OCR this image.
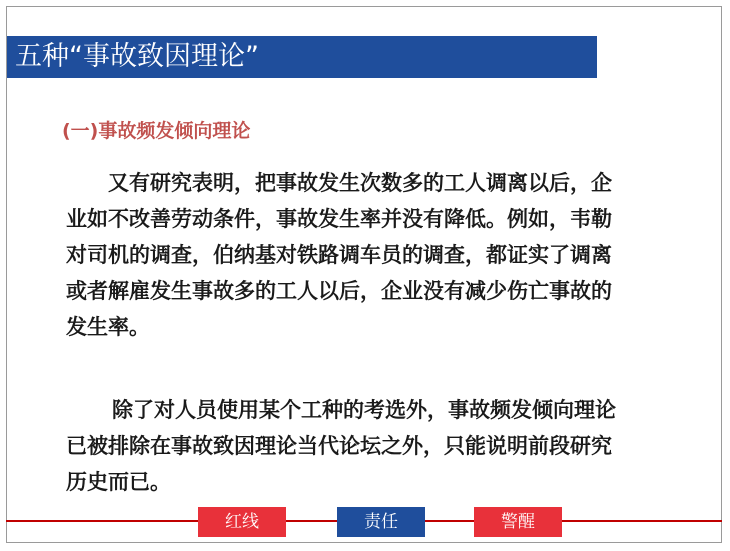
五种“事故致因理论”
(一)事故频发倾向理论
又有研究表明，把事故发生次数多的工人调离以后，企
业如不改善劳动条件，事故发生率并没有降低。例如，韦勒
对司机的调查，伯纳基对铁路调车员的调查，都证实了调离
或者解雇发生事故多的工人以后，企业没有减少伤亡事故的
发生率。
除了对人员使用某个工种的考选外，事故频发倾向理论
已被排除在事故致因理论当代论坛之外，只能说明前段研究
历史而已。
红线	责任	警醒
